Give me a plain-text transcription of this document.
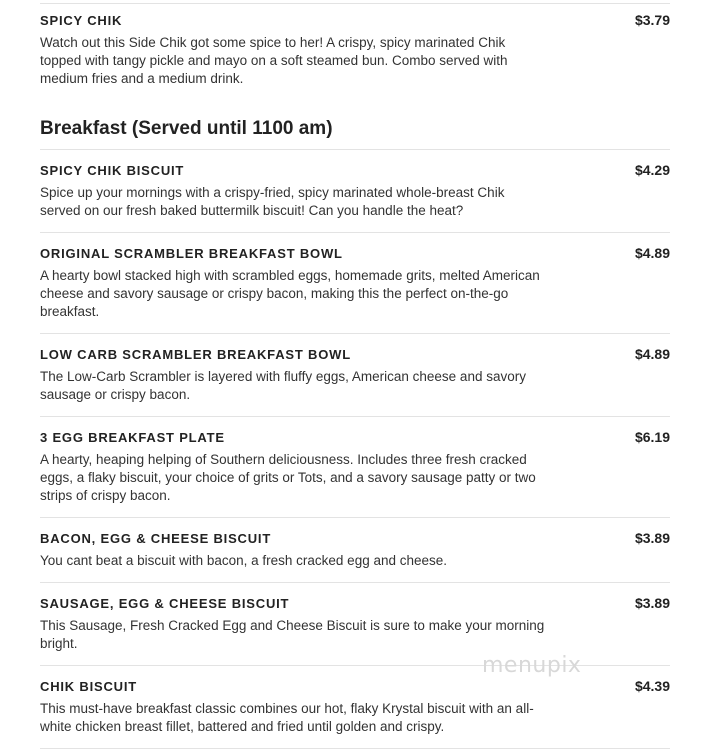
SPICY CHIK	$3.79
Watch out this Side Chik got some spice to her! A crispy, spicy marinated Chik topped with tangy pickle and mayo on a soft steamed bun. Combo served with medium fries and a medium drink.
Breakfast (Served until 1100 am)
SPICY CHIK BISCUIT	$4.29
Spice up your mornings with a crispy-fried, spicy marinated whole-breast Chik served on our fresh baked buttermilk biscuit! Can you handle the heat?
ORIGINAL SCRAMBLER BREAKFAST BOWL	$4.89
A hearty bowl stacked high with scrambled eggs, homemade grits, melted American cheese and savory sausage or crispy bacon, making this the perfect on-the-go breakfast.
LOW CARB SCRAMBLER BREAKFAST BOWL	$4.89
The Low-Carb Scrambler is layered with fluffy eggs, American cheese and savory sausage or crispy bacon.
3 EGG BREAKFAST PLATE	$6.19
A hearty, heaping helping of Southern deliciousness. Includes three fresh cracked eggs, a flaky biscuit, your choice of grits or Tots, and a savory sausage patty or two strips of crispy bacon.
BACON, EGG & CHEESE BISCUIT	$3.89
You cant beat a biscuit with bacon, a fresh cracked egg and cheese.
SAUSAGE, EGG & CHEESE BISCUIT	$3.89
This Sausage, Fresh Cracked Egg and Cheese Biscuit is sure to make your morning bright.
CHIK BISCUIT	$4.39
This must-have breakfast classic combines our hot, flaky Krystal biscuit with an all-white chicken breast fillet, battered and fried until golden and crispy.
menupix
